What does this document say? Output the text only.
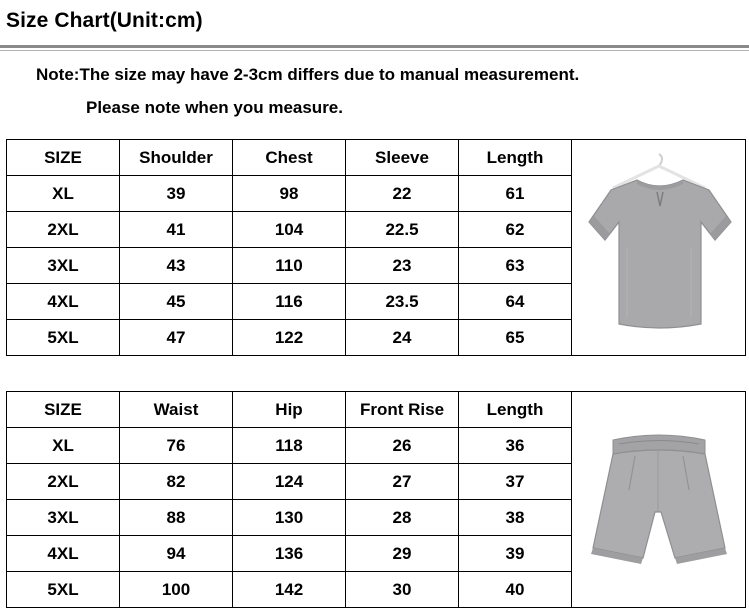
Size Chart(Unit:cm)
Note:The size may have 2-3cm differs due to manual measurement.
Please note when you measure.
SIZE	Shoulder	Chest	Sleeve	Length	

XL	39	98	22	61	
2XL	41	104	22.5	62	
3XL	43	110	23	63	
4XL	45	116	23.5	64	
5XL	47	122	24	65	
SIZE	Waist	Hip	Front Rise	Length	

XL	76	118	26	36	
2XL	82	124	27	37	
3XL	88	130	28	38	
4XL	94	136	29	39	
5XL	100	142	30	40	
